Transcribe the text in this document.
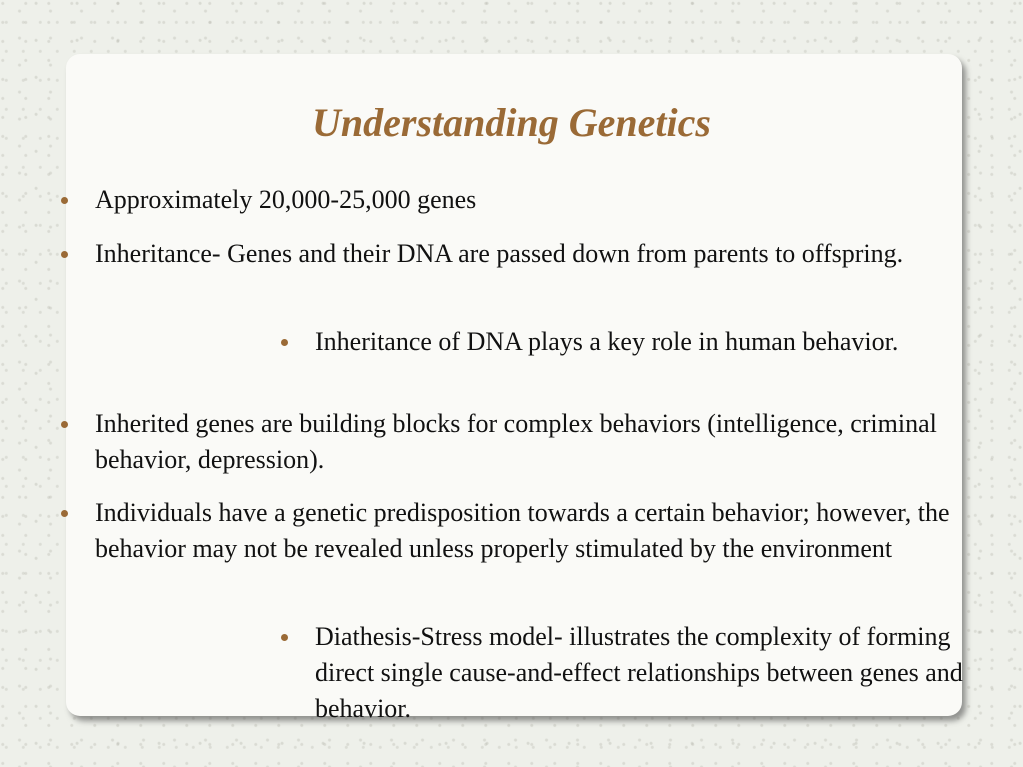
Understanding Genetics
Approximately 20,000-25,000 genes
Inheritance- Genes and their DNA are passed down from parents to offspring.
Inheritance of DNA plays a key role in human behavior.
Inherited genes are building blocks for complex behaviors (intelligence, criminal behavior, depression).
Individuals have a genetic predisposition towards a certain behavior; however, the behavior may not be revealed unless properly stimulated by the environment
Diathesis-Stress model- illustrates the complexity of forming direct single cause-and-effect relationships between genes and behavior.
